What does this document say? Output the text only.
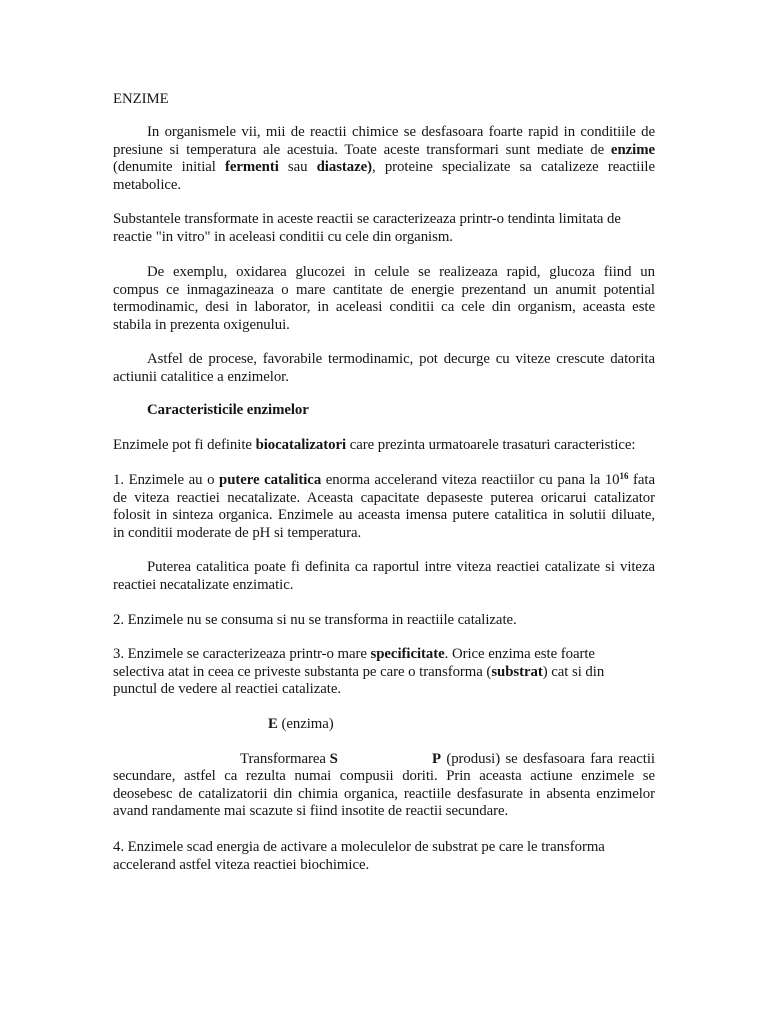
ENZIME
In organismele vii, mii de reactii chimice se desfasoara foarte rapid in conditiile de
presiune si temperatura ale acestuia. Toate aceste transformari sunt mediate de enzime
(denumite initial fermenti sau diastaze), proteine specializate sa catalizeze reactiile
metabolice.
Substantele transformate in aceste reactii se caracterizeaza printr-o tendinta limitata de
reactie "in vitro" in aceleasi conditii cu cele din organism.
De exemplu, oxidarea glucozei in celule se realizeaza rapid, glucoza fiind un
compus ce inmagazineaza o mare cantitate de energie prezentand un anumit potential
termodinamic, desi in laborator, in aceleasi conditii ca cele din organism, aceasta este
stabila in prezenta oxigenului.
Astfel de procese, favorabile termodinamic, pot decurge cu viteze crescute datorita
actiunii catalitice a enzimelor.
Caracteristicile enzimelor
Enzimele pot fi definite biocatalizatori care prezinta urmatoarele trasaturi caracteristice:
1. Enzimele au o putere catalitica enorma accelerand viteza reactiilor cu pana la $10^{16}$ fata
de viteza reactiei necatalizate. Aceasta capacitate depaseste puterea oricarui catalizator
folosit in sinteza organica. Enzimele au aceasta imensa putere catalitica in solutii diluate,
in conditii moderate de pH si temperatura.
Puterea catalitica poate fi definita ca raportul intre viteza reactiei catalizate si viteza
reactiei necatalizate enzimatic.
2. Enzimele nu se consuma si nu se transforma in reactiile catalizate.
3. Enzimele se caracterizeaza printr-o mare specificitate. Orice enzima este foarte
selectiva atat in ceea ce priveste substanta pe care o transforma (substrat) cat si din
punctul de vedere al reactiei catalizate.
E (enzima)
Transformarea S	P (produsi) se desfasoara fara reactii
secundare, astfel ca rezulta numai compusii doriti. Prin aceasta actiune enzimele se
deosebesc de catalizatorii din chimia organica, reactiile desfasurate in absenta enzimelor
avand randamente mai scazute si fiind insotite de reactii secundare.
4. Enzimele scad energia de activare a moleculelor de substrat pe care le transforma
accelerand astfel viteza reactiei biochimice.
